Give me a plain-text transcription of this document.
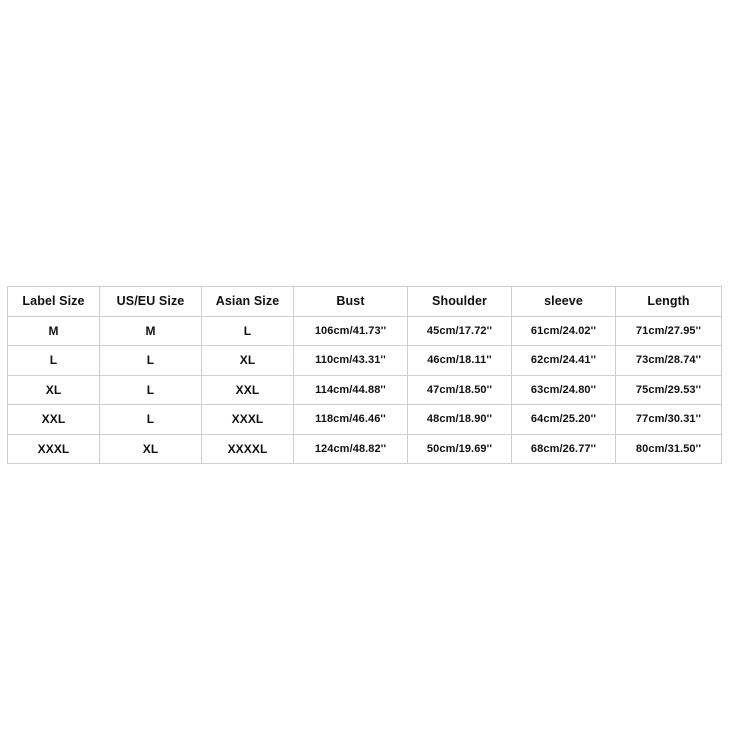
Label Size	US/EU Size	Asian Size	Bust	Shoulder	sleeve	Length
M	M	L	106cm/41.73''	45cm/17.72''	61cm/24.02''	71cm/27.95''
L	L	XL	110cm/43.31''	46cm/18.11''	62cm/24.41''	73cm/28.74''
XL	L	XXL	114cm/44.88''	47cm/18.50''	63cm/24.80''	75cm/29.53''
XXL	L	XXXL	118cm/46.46''	48cm/18.90''	64cm/25.20''	77cm/30.31''
XXXL	XL	XXXXL	124cm/48.82''	50cm/19.69''	68cm/26.77''	80cm/31.50''
